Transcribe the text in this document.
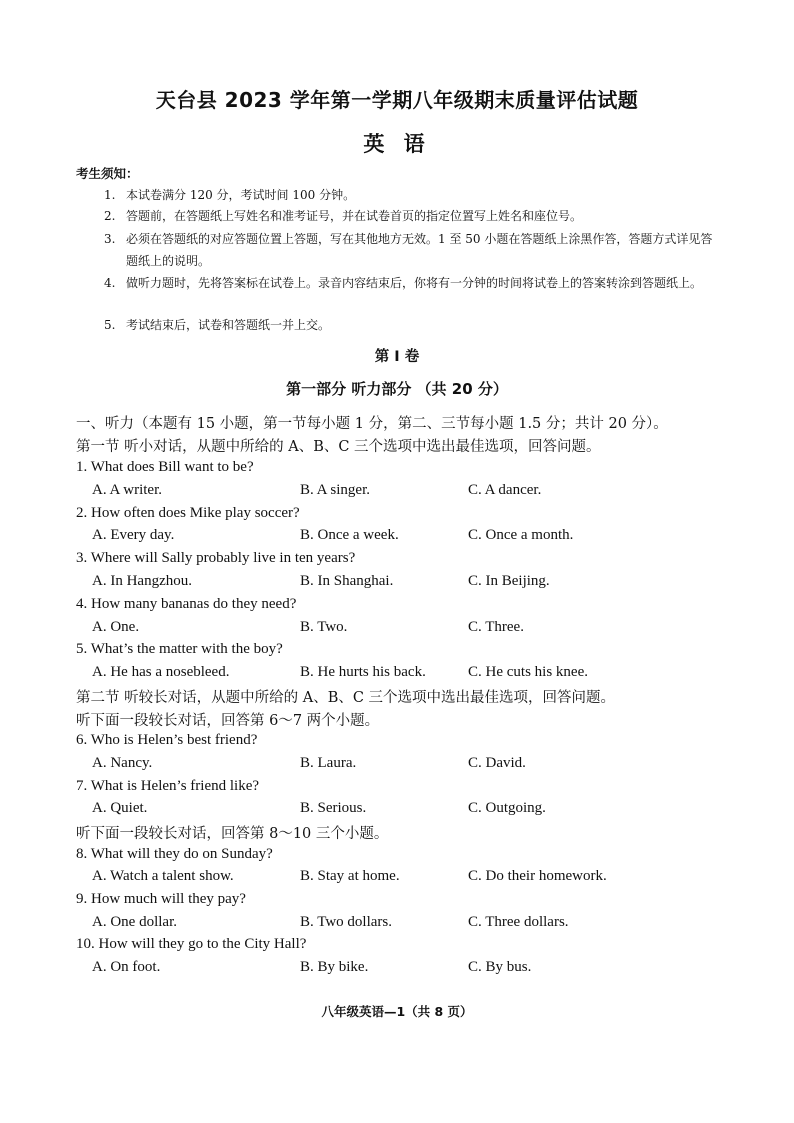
天台县 2023 学年第一学期八年级期末质量评估试题
英 语
考生须知：
1. 本试卷满分 120 分，考试时间 100 分钟。
2. 答题前，在答题纸上写姓名和准考证号，并在试卷首页的指定位置写上姓名和座位号。
3. 必须在答题纸的对应答题位置上答题，写在其他地方无效。1 至 50 小题在答题纸上涂黑作答，答题方式详见答题纸上的说明。
4. 做听力题时，先将答案标在试卷上。录音内容结束后，你将有一分钟的时间将试卷上的答案转涂到答题纸上。
5. 考试结束后，试卷和答题纸一并上交。
第 I 卷
第一部分 听力部分 （共 20 分）
一、听力（本题有 15 小题，第一节每小题 1 分，第二、三节每小题 1.5 分；共计 20 分）。
第一节 听小对话，从题中所给的 A、B、C 三个选项中选出最佳选项，回答问题。
1. What does Bill want to be?
A. A writer.	B. A singer.	C. A dancer.
2. How often does Mike play soccer?
A. Every day.	B. Once a week.	C. Once a month.
3. Where will Sally probably live in ten years?
A. In Hangzhou.	B. In Shanghai.	C. In Beijing.
4. How many bananas do they need?
A. One.	B. Two.	C. Three.
5. What’s the matter with the boy?
A. He has a nosebleed.	B. He hurts his back.	C. He cuts his knee.
第二节 听较长对话，从题中所给的 A、B、C 三个选项中选出最佳选项，回答问题。
听下面一段较长对话，回答第 6～7 两个小题。
6. Who is Helen’s best friend?
A. Nancy.	B. Laura.	C. David.
7. What is Helen’s friend like?
A. Quiet.	B. Serious.	C. Outgoing.
听下面一段较长对话，回答第 8～10 三个小题。
8. What will they do on Sunday?
A. Watch a talent show.	B. Stay at home.	C. Do their homework.
9. How much will they pay?
A. One dollar.	B. Two dollars.	C. Three dollars.
10. How will they go to the City Hall?
A. On foot.	B. By bike.	C. By bus.
八年级英语—1（共 8 页）
